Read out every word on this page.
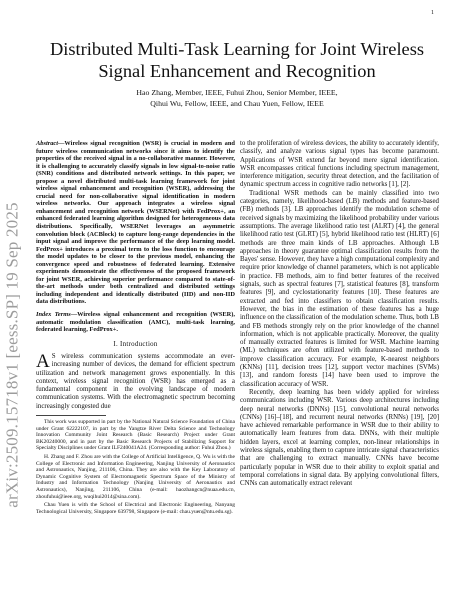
1
arXiv:2509.15718v1 [eess.SP] 19 Sep 2025
Distributed Multi-Task Learning for Joint Wireless Signal Enhancement and Recognition
Hao Zhang, Member, IEEE, Fuhui Zhou, Senior Member, IEEE,
Qihui Wu, Fellow, IEEE, and Chau Yuen, Fellow, IEEE

Abstract—Wireless signal recognition (WSR) is crucial in modern and future wireless communication networks since it aims to identify the properties of the received signal in a no-collaborative manner. However, it is challenging to accurately classify signals in low signal-to-noise ratio (SNR) conditions and distributed network settings. In this paper, we propose a novel distributed multi-task learning framework for joint wireless signal enhancement and recognition (WSER), addressing the crucial need for non-collaborative signal identification in modern wireless networks. Our approach integrates a wireless signal enhancement and recognition network (WSERNet) with FedProx+, an enhanced federated learning algorithm designed for heterogeneous data distributions. Specifically, WSERNet leverages an asymmetric convolution block (ACBlock) to capture long-range dependencies in the input signal and improve the performance of the deep learning model. FedProx+ introduces a proximal term to the loss function to encourage the model updates to be closer to the previous model, enhancing the convergence speed and robustness of federated learning. Extensive experiments demonstrate the effectiveness of the proposed framework for joint WSER, achieving superior performance compared to state-of-the-art methods under both centralized and distributed settings including independent and identically distributed (IID) and non-IID data distributions.

Index Terms—Wireless signal enhancement and recognition (WSER), automatic modulation classification (AMC), multi-task learning, federated learning, FedProx+.

I. Introduction

A S wireless communication systems accommodate an ever-increasing number of devices, the demand for efficient spectrum utilization and network management grows exponentially. In this context, wireless signal recognition (WSR) has emerged as a fundamental component in the evolving landscape of modern communication systems. With the electromagnetic spectrum becoming increasingly congested due

This work was supported in part by the National Natural Science Foundation of China under Grant 62222107, in part by the Yangtze River Delta Science and Technology Innovation Community Joint Research (Basic Research) Project under Grant BK20240000, and in part by the Basic Research Projects of Stabilizing Support for Specialty Disciplines under Grant ILF240041A24. (Corresponding author: Fuhui Zhou.)

H. Zhang and F. Zhou are with the College of Artificial Intelligence, Q. Wu is with the College of Electronic and Information Engineering, Nanjing University of Aeronautics and Astronautics, Nanjing, 211106, China. They are also with the Key Laboratory of Dynamic Cognitive System of Electromagnetic Spectrum Space of the Ministry of Industry and Information Technology (Nanjing University of Aeronautics and Astronautics), Nanjing, 211106, China (e-mail: haozhangcn@nuaa.edu.cn, zhoufuhui@ieee.org, wuqihui2014@sina.com).

Chau Yuen is with the School of Electrical and Electronic Engineering, Nanyang Technological University, Singapore 639798, Singapore (e-mail: chau.yuen@ntu.edu.sg).

to the proliferation of wireless devices, the ability to accurately identify, classify, and analyze various signal types has become paramount. Applications of WSR extend far beyond mere signal identification. WSR encompasses critical functions including spectrum management, interference mitigation, security threat detection, and the facilitation of dynamic spectrum access in cognitive radio networks [1], [2].

Traditional WSR methods can be mainly classified into two categories, namely, likelihood-based (LB) methods and feature-based (FB) methods [3]. LB approaches identify the modulation scheme of received signals by maximizing the likelihood probability under various assumptions. The average likelihood ratio test (ALRT) [4], the general likelihood ratio test (GLRT) [5], hybrid likelihood ratio test (HLRT) [6] methods are three main kinds of LB approaches. Although LB approaches in theory guarantee optimal classification results from the Bayes' sense. However, they have a high computational complexity and require prior knowledge of channel parameters, which is not applicable in practice. FB methods, aim to find better features of the received signals, such as spectral features [7], statistical features [8], transform features [9], and cyclostationarity features [10]. These features are extracted and fed into classifiers to obtain classification results. However, the bias in the estimation of these features has a huge influence on the classification of the modulation scheme. Thus, both LB and FB methods strongly rely on the prior knowledge of the channel information, which is not applicable practically. Moreover, the quality of manually extracted features is limited for WSR. Machine learning (ML) techniques are often utilized with feature-based methods to improve classification accuracy. For example, K-nearest neighbors (KNNs) [11], decision trees [12], support vector machines (SVMs) [13], and random forests [14] have been used to improve the classification accuracy of WSR.

Recently, deep learning has been widely applied for wireless communications including WSR. Various deep architectures including deep neural networks (DNNs) [15], convolutional neural networks (CNNs) [16]–[18], and recurrent neural networks (RNNs) [19], [20] have achieved remarkable performance in WSR due to their ability to automatically learn features from data. DNNs, with their multiple hidden layers, excel at learning complex, non-linear relationships in wireless signals, enabling them to capture intricate signal characteristics that are challenging to extract manually. CNNs have become particularly popular in WSR due to their ability to exploit spatial and temporal correlations in signal data. By applying convolutional filters, CNNs can automatically extract relevant
